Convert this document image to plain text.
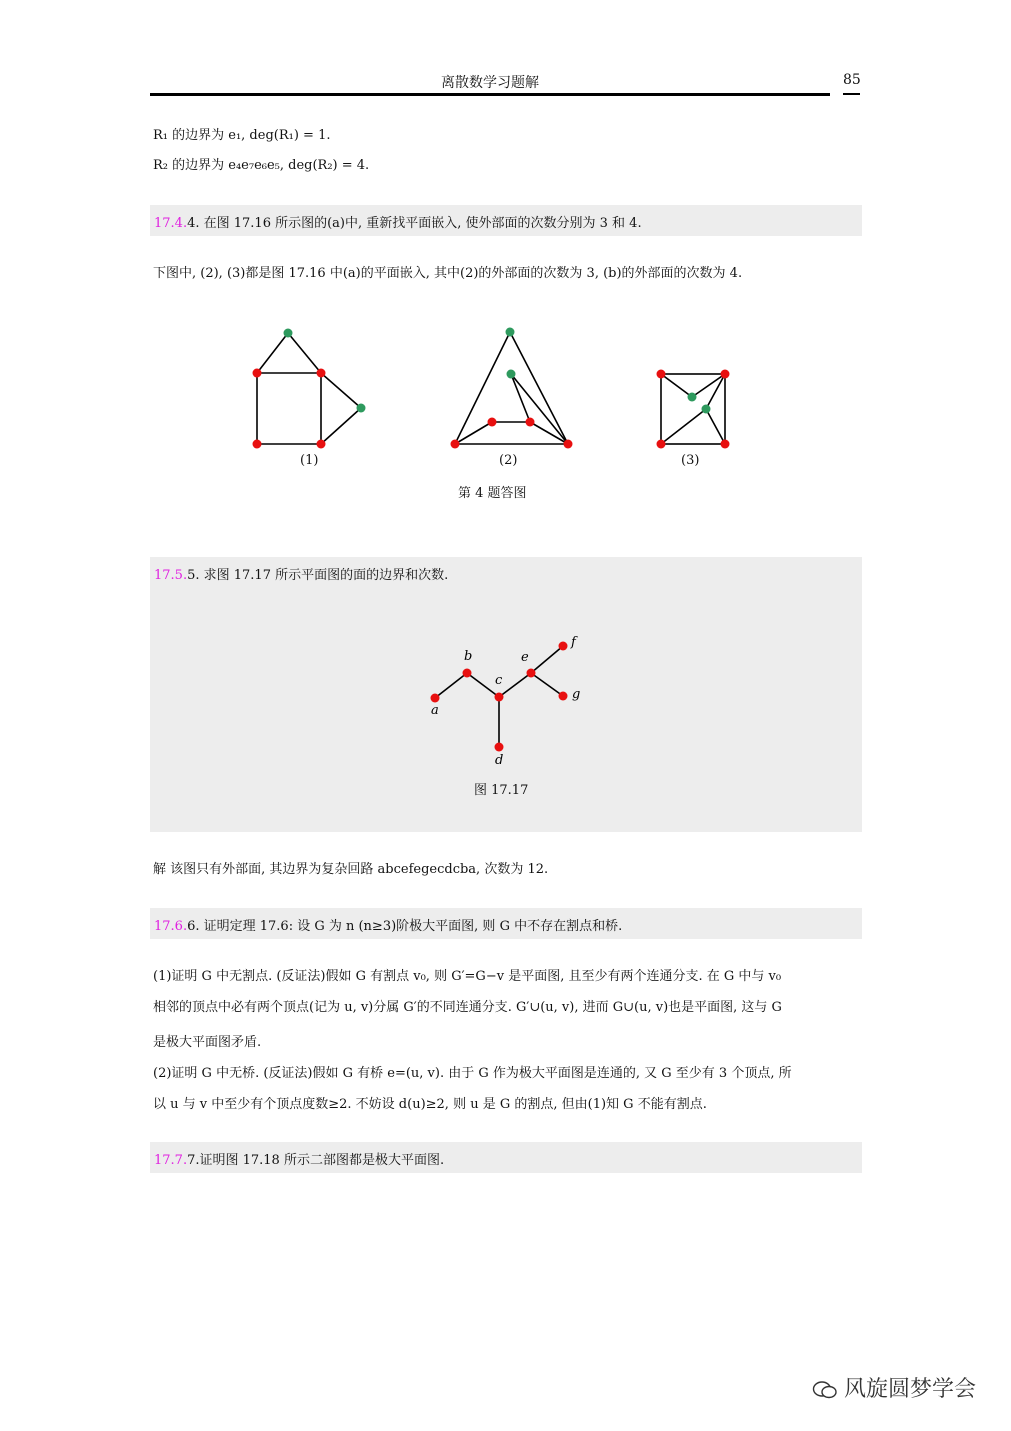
离散数学习题解	85
R₁ 的边界为 e₁, deg(R₁) = 1.
R₂ 的边界为 e₄e₇e₆e₅, deg(R₂) = 4.
17.4.4. 在图 17.16 所示图的(a)中, 重新找平面嵌入, 使外部面的次数分别为 3 和 4.
下图中, (2), (3)都是图 17.16 中(a)的平面嵌入, 其中(2)的外部面的次数为 3, (b)的外部面的次数为 4.
(1)	(2)	(3)
第 4 题答图
17.5.5. 求图 17.17 所示平面图的面的边界和次数.
a
b
c
d
e
f
g
图 17.17
解 该图只有外部面, 其边界为复杂回路 abcefegecdcba, 次数为 12.
17.6.6. 证明定理 17.6: 设 G 为 n (n≥3)阶极大平面图, 则 G 中不存在割点和桥.
(1)证明 G 中无割点. (反证法)假如 G 有割点 v₀, 则 G′=G−v 是平面图, 且至少有两个连通分支. 在 G 中与 v₀
相邻的顶点中必有两个顶点(记为 u, v)分属 G′的不同连通分支. G′∪(u, v), 进而 G∪(u, v)也是平面图, 这与 G
是极大平面图矛盾.
(2)证明 G 中无桥. (反证法)假如 G 有桥 e=(u, v). 由于 G 作为极大平面图是连通的, 又 G 至少有 3 个顶点, 所
以 u 与 v 中至少有个顶点度数≥2. 不妨设 d(u)≥2, 则 u 是 G 的割点, 但由(1)知 G 不能有割点.
17.7.7.证明图 17.18 所示二部图都是极大平面图.
风旋圆梦学会
